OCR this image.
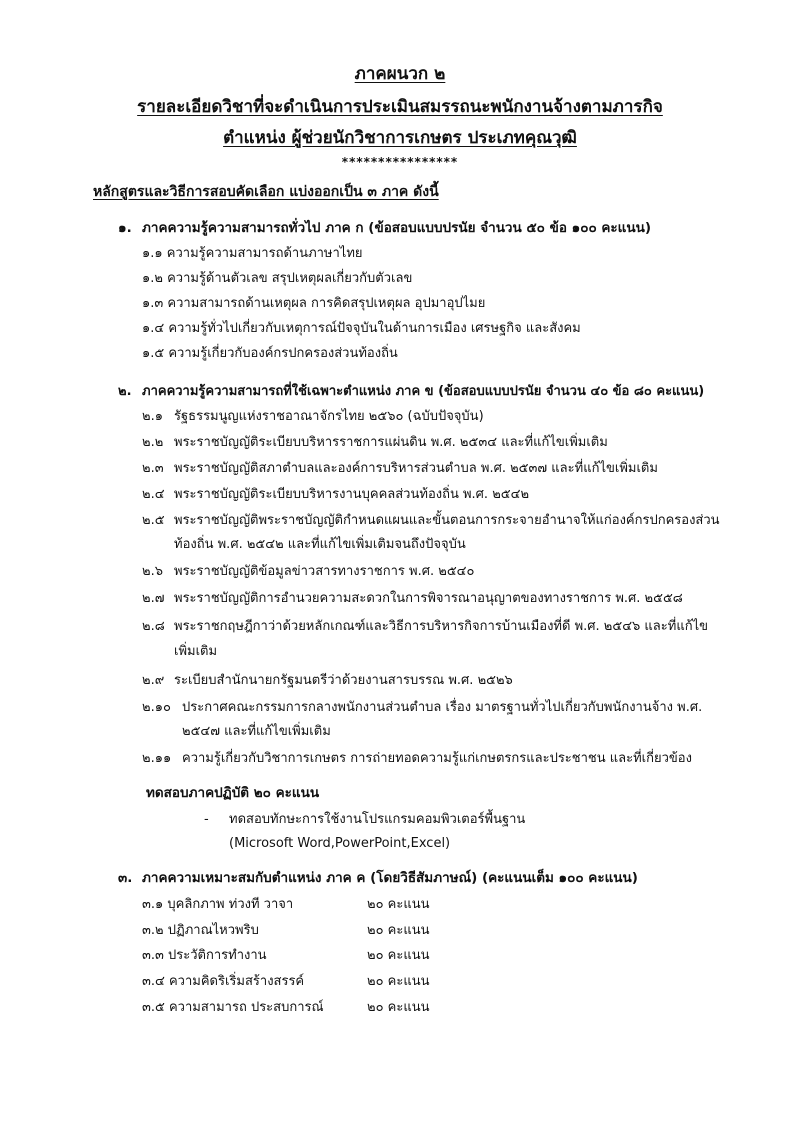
ภาคผนวก ๒
รายละเอียดวิชาที่จะดำเนินการประเมินสมรรถนะพนักงานจ้างตามภารกิจ
ตำแหน่ง ผู้ช่วยนักวิชาการเกษตร ประเภทคุณวุฒิ
****************
หลักสูตรและวิธีการสอบคัดเลือก แบ่งออกเป็น ๓ ภาค ดังนี้
๑. ภาคความรู้ความสามารถทั่วไป ภาค ก (ข้อสอบแบบปรนัย จำนวน ๕๐ ข้อ ๑๐๐ คะแนน)
๑.๑ ความรู้ความสามารถด้านภาษาไทย
๑.๒ ความรู้ด้านตัวเลข สรุปเหตุผลเกี่ยวกับตัวเลข
๑.๓ ความสามารถด้านเหตุผล การคิดสรุปเหตุผล อุปมาอุปไมย
๑.๔ ความรู้ทั่วไปเกี่ยวกับเหตุการณ์ปัจจุบันในด้านการเมือง เศรษฐกิจ และสังคม
๑.๕ ความรู้เกี่ยวกับองค์กรปกครองส่วนท้องถิ่น
๒. ภาคความรู้ความสามารถที่ใช้เฉพาะตำแหน่ง ภาค ข (ข้อสอบแบบปรนัย จำนวน ๔๐ ข้อ ๘๐ คะแนน)
๒.๑ รัฐธรรมนูญแห่งราชอาณาจักรไทย ๒๕๖๐ (ฉบับปัจจุบัน)
๒.๒ พระราชบัญญัติระเบียบบริหารราชการแผ่นดิน พ.ศ. ๒๕๓๔ และที่แก้ไขเพิ่มเติม
๒.๓ พระราชบัญญัติสภาตำบลและองค์การบริหารส่วนตำบล พ.ศ. ๒๕๓๗ และที่แก้ไขเพิ่มเติม
๒.๔ พระราชบัญญัติระเบียบบริหารงานบุคคลส่วนท้องถิ่น พ.ศ. ๒๕๔๒
๒.๕ พระราชบัญญัติพระราชบัญญัติกำหนดแผนและขั้นตอนการกระจายอำนาจให้แก่องค์กรปกครองส่วน
ท้องถิ่น พ.ศ. ๒๕๔๒ และที่แก้ไขเพิ่มเติมจนถึงปัจจุบัน
๒.๖ พระราชบัญญัติข้อมูลข่าวสารทางราชการ พ.ศ. ๒๕๔๐
๒.๗ พระราชบัญญัติการอำนวยความสะดวกในการพิจารณาอนุญาตของทางราชการ พ.ศ. ๒๕๕๘
๒.๘ พระราชกฤษฎีกาว่าด้วยหลักเกณฑ์และวิธีการบริหารกิจการบ้านเมืองที่ดี พ.ศ. ๒๕๔๖ และที่แก้ไข
เพิ่มเติม
๒.๙ ระเบียบสำนักนายกรัฐมนตรีว่าด้วยงานสารบรรณ พ.ศ. ๒๕๒๖
๒.๑๐ ประกาศคณะกรรมการกลางพนักงานส่วนตำบล เรื่อง มาตรฐานทั่วไปเกี่ยวกับพนักงานจ้าง พ.ศ.
๒๕๔๗ และที่แก้ไขเพิ่มเติม
๒.๑๑ ความรู้เกี่ยวกับวิชาการเกษตร การถ่ายทอดความรู้แก่เกษตรกรและประชาชน และที่เกี่ยวข้อง
ทดสอบภาคปฏิบัติ ๒๐ คะแนน
- ทดสอบทักษะการใช้งานโปรแกรมคอมพิวเตอร์พื้นฐาน
(Microsoft Word,PowerPoint,Excel)
๓. ภาคความเหมาะสมกับตำแหน่ง ภาค ค (โดยวิธีสัมภาษณ์) (คะแนนเต็ม ๑๐๐ คะแนน)
๓.๑ บุคลิกภาพ ท่วงที วาจา	๒๐ คะแนน
๓.๒ ปฏิภาณไหวพริบ	๒๐ คะแนน
๓.๓ ประวัติการทำงาน	๒๐ คะแนน
๓.๔ ความคิดริเริ่มสร้างสรรค์	๒๐ คะแนน
๓.๕ ความสามารถ ประสบการณ์	๒๐ คะแนน
